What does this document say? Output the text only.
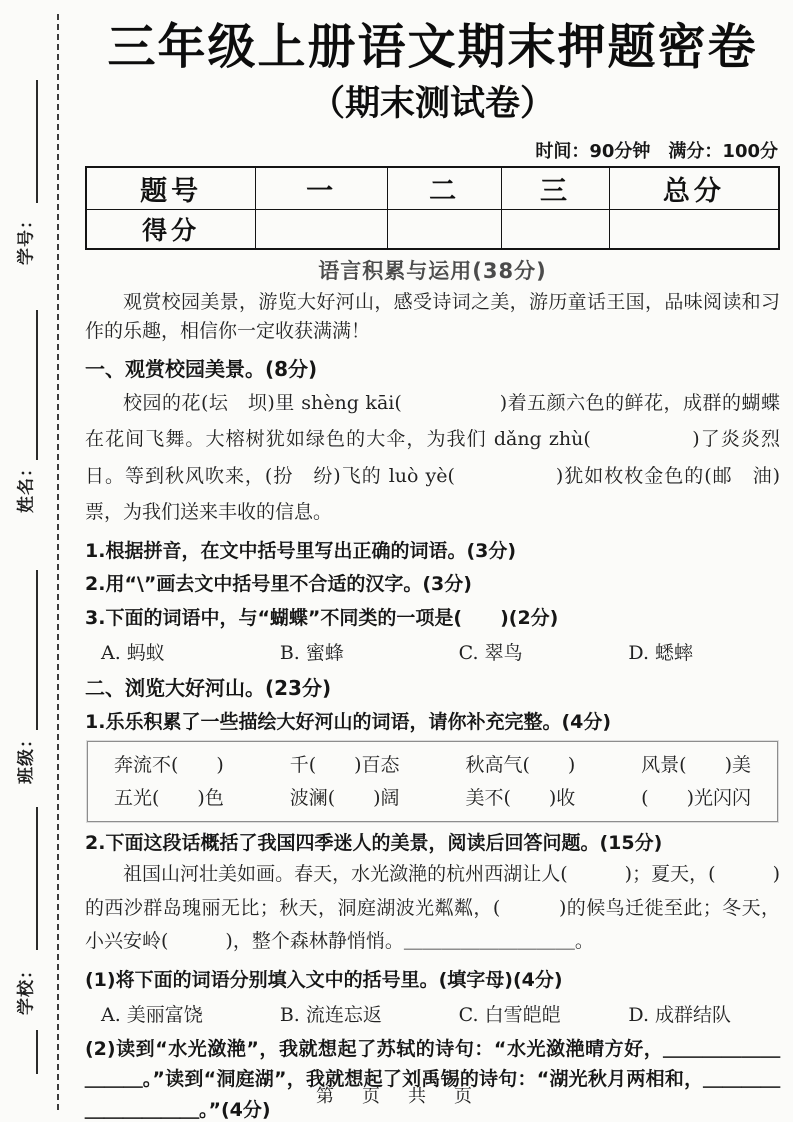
学号：
姓名：
班级：
学校：
三年级上册语文期末押题密卷
（期末测试卷）
时间：90分钟　满分：100分
题号	一	二	三	总分
得分				
语言积累与运用(38分)

观赏校园美景，游览大好河山，感受诗词之美，游历童话王国，品味阅读和习作的乐趣，相信你一定收获满满！

一、观赏校园美景。(8分)

校园的花(坛　坝)里 shèng kāi(　　　　　)着五颜六色的鲜花，成群的蝴蝶在花间飞舞。大榕树犹如绿色的大伞，为我们 dǎng zhù(　　　　　)了炎炎烈日。等到秋风吹来，(扮　纷)飞的 luò yè(　　　　　)犹如枚枚金色的(邮　油)票，为我们送来丰收的信息。

1.根据拼音，在文中括号里写出正确的词语。(3分)
2.用“\”画去文中括号里不合适的汉字。(3分)
3.下面的词语中，与“蝴蝶”不同类的一项是(　　)(2分)
A. 蚂蚁	B. 蜜蜂	C. 翠鸟	D. 蟋蟀
二、浏览大好河山。(23分)
1.乐乐积累了一些描绘大好河山的词语，请你补充完整。(4分)
奔流不(　　)	千(　　)百态	秋高气(　　)	风景(　　)美
五光(　　)色	波澜(　　)阔	美不(　　)收	(　　)光闪闪
2.下面这段话概括了我国四季迷人的美景，阅读后回答问题。(15分)

祖国山河壮美如画。春天，水光潋滟的杭州西湖让人(　　　)；夏天，(　　　)的西沙群岛瑰丽无比；秋天，洞庭湖波光粼粼，(　　　)的候鸟迁徙至此；冬天，小兴安岭(　　　)，整个森林静悄悄。＿＿＿＿＿＿＿＿＿。

(1)将下面的词语分别填入文中的括号里。(填字母)(4分)
A. 美丽富饶	B. 流连忘返	C. 白雪皑皑	D. 成群结队
(2)读到“水光潋滟”，我就想起了苏轼的诗句：“水光潋滟晴方好，＿＿＿＿＿＿＿＿＿。”读到“洞庭湖”，我就想起了刘禹锡的诗句：“湖光秋月两相和，＿＿＿＿＿＿＿＿＿＿。”(4分)
第　页　共　页
